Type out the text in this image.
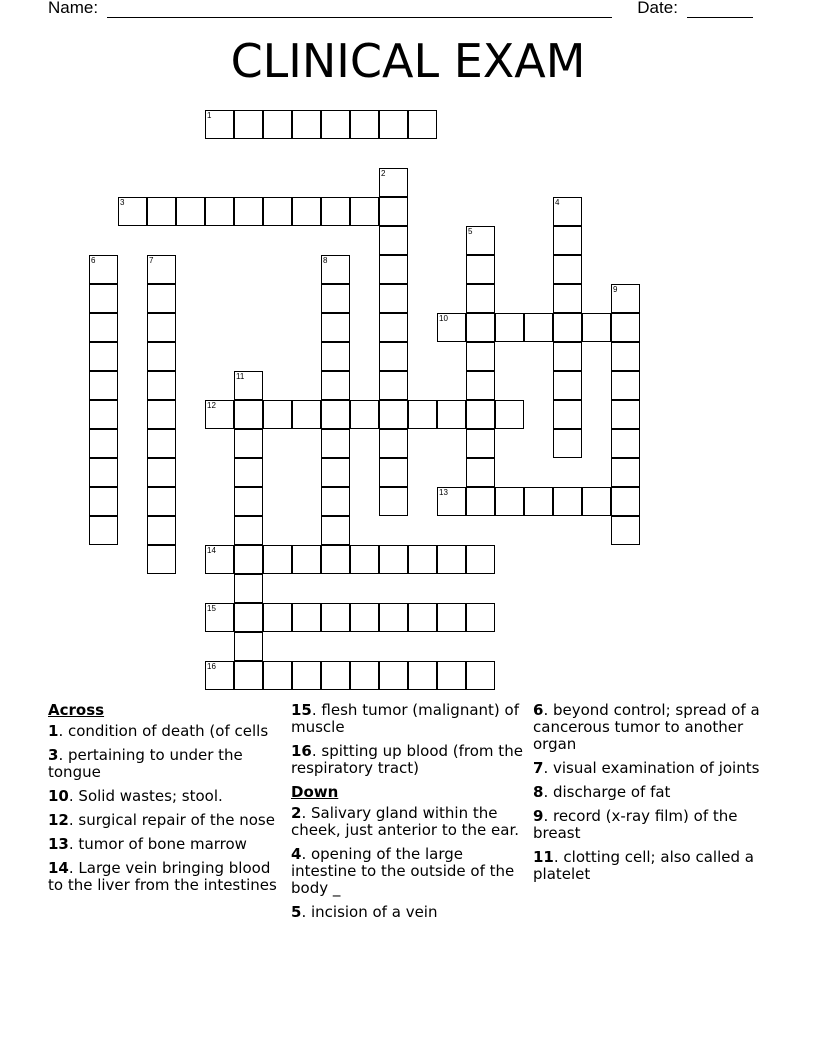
Name:	Date:
CLINICAL EXAM
1
2
3	4
5
6	7	8
9
10
11
12
13
14
15
16
Across
1. condition of death (of cells
3. pertaining to under the tongue
10. Solid wastes; stool.
12. surgical repair of the nose
13. tumor of bone marrow
14. Large vein bringing blood to the liver from the intestines
15. flesh tumor (malignant) of muscle
16. spitting up blood (from the respiratory tract)
Down
2. Salivary gland within the cheek, just anterior to the ear.
4. opening of the large intestine to the outside of the body _
5. incision of a vein
6. beyond control; spread of a cancerous tumor to another organ
7. visual examination of joints
8. discharge of fat
9. record (x-ray film) of the breast
11. clotting cell; also called a platelet
